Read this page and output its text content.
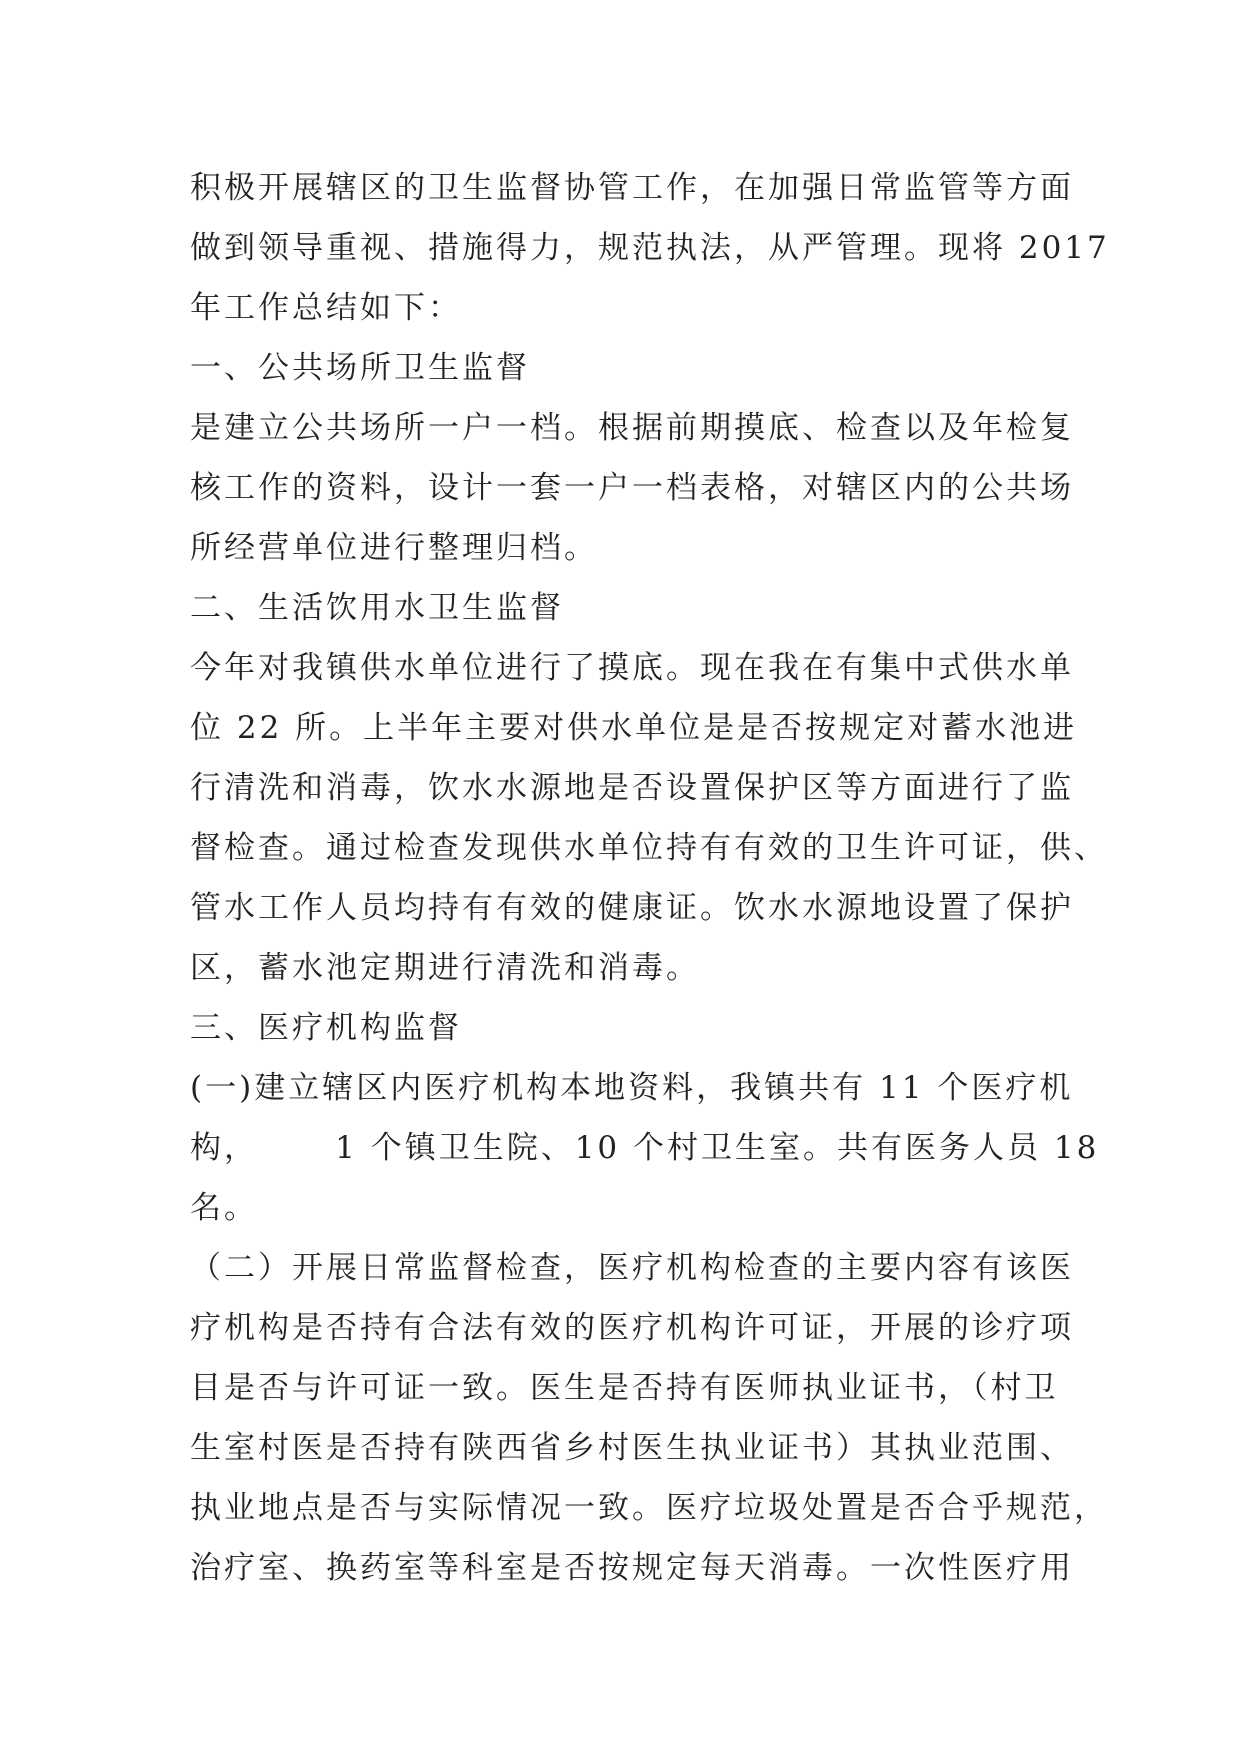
积极开展辖区的卫生监督协管工作，在加强日常监管等方面
做到领导重视、措施得力，规范执法，从严管理。现将 2017
年工作总结如下：
一、公共场所卫生监督
是建立公共场所一户一档。根据前期摸底、检查以及年检复
核工作的资料，设计一套一户一档表格，对辖区内的公共场
所经营单位进行整理归档。
二、生活饮用水卫生监督
今年对我镇供水单位进行了摸底。现在我在有集中式供水单
位 22 所。上半年主要对供水单位是是否按规定对蓄水池进
行清洗和消毒，饮水水源地是否设置保护区等方面进行了监
督检查。通过检查发现供水单位持有有效的卫生许可证，供、
管水工作人员均持有有效的健康证。饮水水源地设置了保护
区，蓄水池定期进行清洗和消毒。
三、医疗机构监督
(一)建立辖区内医疗机构本地资料，我镇共有 11 个医疗机
构，      1 个镇卫生院、10 个村卫生室。共有医务人员 18
名。
（二）开展日常监督检查，医疗机构检查的主要内容有该医
疗机构是否持有合法有效的医疗机构许可证，开展的诊疗项
目是否与许可证一致。医生是否持有医师执业证书，（村卫
生室村医是否持有陕西省乡村医生执业证书）其执业范围、
执业地点是否与实际情况一致。医疗垃圾处置是否合乎规范，
治疗室、换药室等科室是否按规定每天消毒。一次性医疗用
